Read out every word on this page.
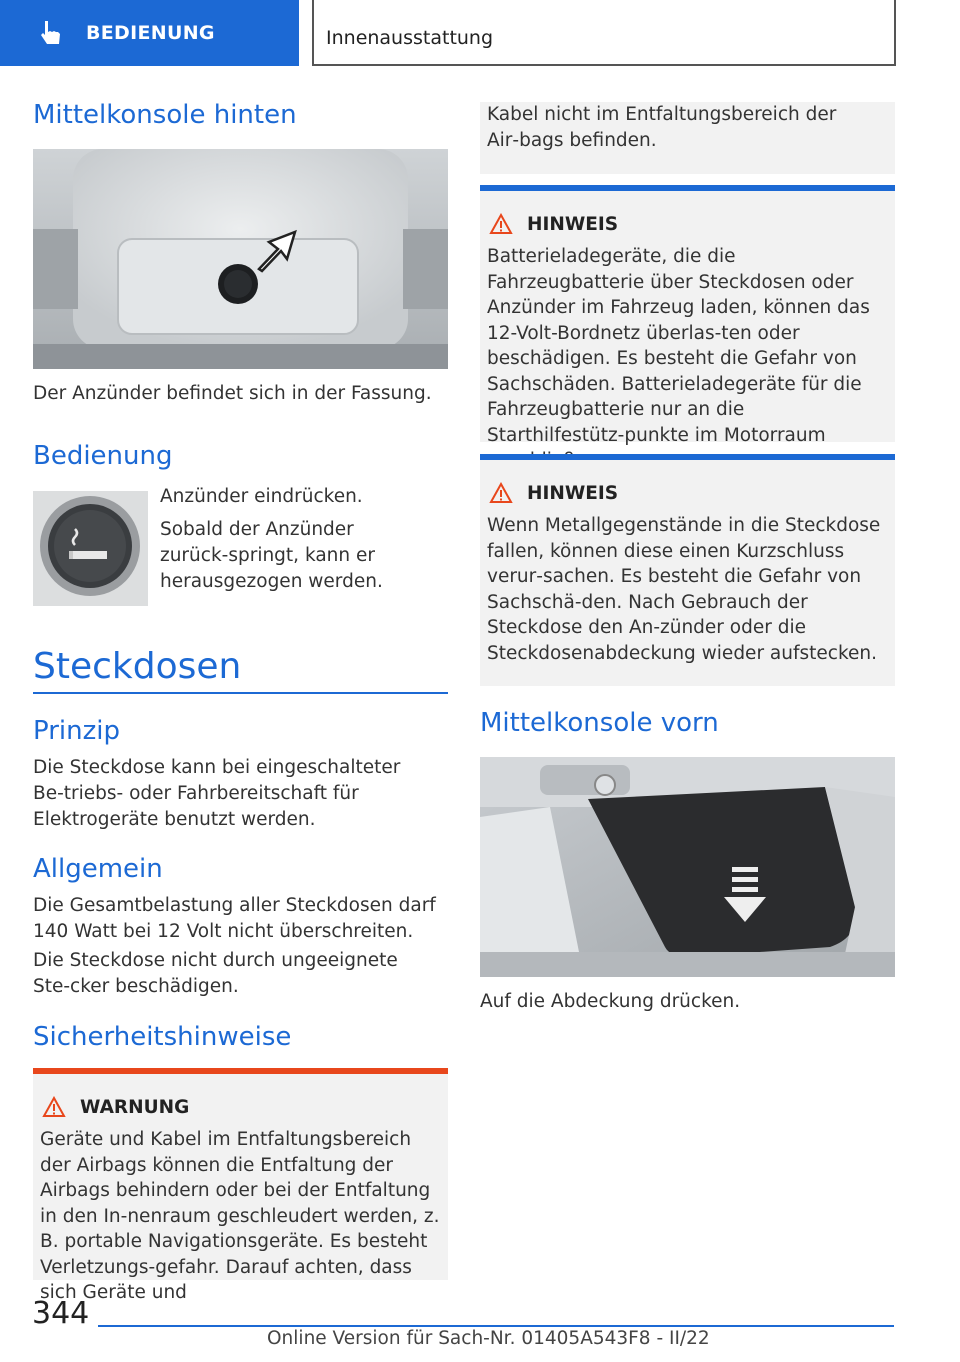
BEDIENUNG	Innenausstattung
Mittelkonsole hinten

Der Anzünder befindet sich in der Fassung.

Bedienung

Anzünder eindrücken.

Sobald der Anzünder zurück‑springt, kann er herausgezogen werden.

Steckdosen
Prinzip

Die Steckdose kann bei eingeschalteter Be‑triebs- oder Fahrbereitschaft für Elektrogeräte benutzt werden.

Allgemein

Die Gesamtbelastung aller Steckdosen darf 140 Watt bei 12 Volt nicht überschreiten.

Die Steckdose nicht durch ungeeignete Ste‑cker beschädigen.

Sicherheitshinweise
WARNUNG

Geräte und Kabel im Entfaltungsbereich der Airbags können die Entfaltung der Airbags behindern oder bei der Entfaltung in den In‑nenraum geschleudert werden, z. B. portable Navigationsgeräte. Es besteht Verletzungs‑gefahr. Darauf achten, dass sich Geräte und

Kabel nicht im Entfaltungsbereich der Air‑bags befinden.

HINWEIS

Batterieladegeräte, die die Fahrzeugbatterie über Steckdosen oder Anzünder im Fahrzeug laden, können das 12-Volt-Bordnetz überlas‑ten oder beschädigen. Es besteht die Gefahr von Sachschäden. Batterieladegeräte für die Fahrzeugbatterie nur an die Starthilfestütz‑punkte im Motorraum

HINWEIS

Wenn Metallgegenstände in die Steckdose fallen, können diese einen Kurzschluss verur‑sachen. Es besteht die Gefahr von Sachschä‑den. Nach Gebrauch der Steckdose den An‑zünder oder die Steckdosenabdeckung wieder aufstecken.

Mittelkonsole vorn

Auf die Abdeckung drücken.

344
Online Version für Sach-Nr. 01405A543F8 - II/22
